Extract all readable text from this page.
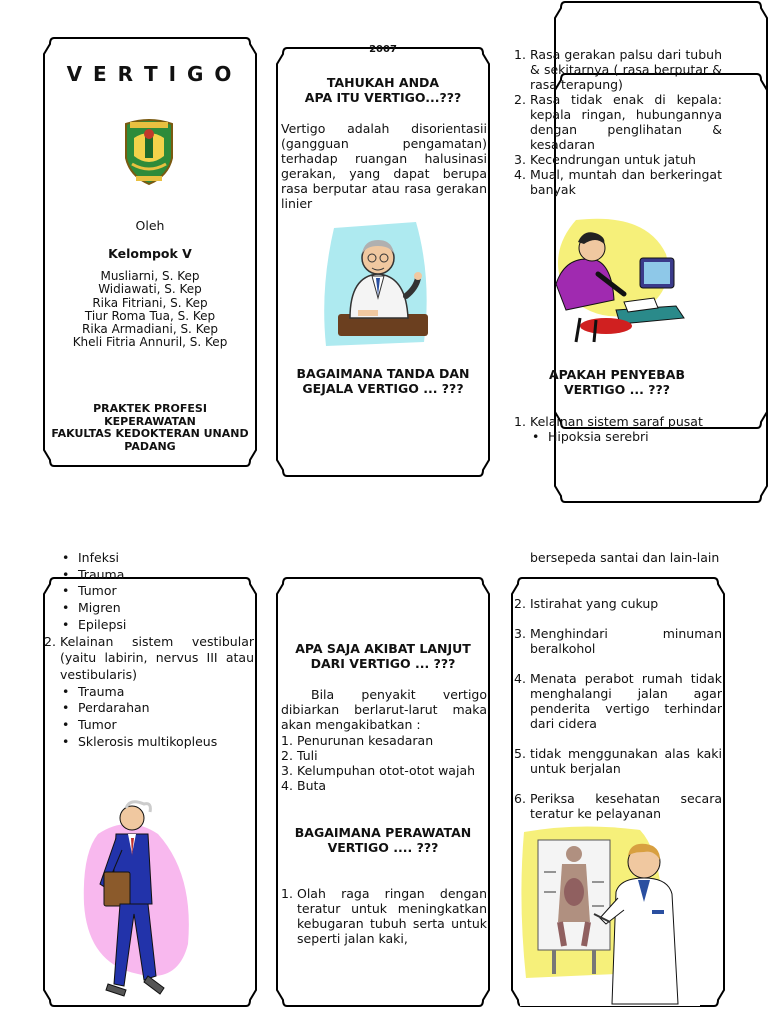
V E R T I G O
Oleh
Kelompok V
Musliarni, S. Kep
Widiawati, S. Kep
Rika Fitriani, S. Kep
Tiur Roma Tua, S. Kep
Rika Armadiani, S. Kep
Kheli Fitria Annuril, S. Kep
PRAKTEK PROFESI
KEPERAWATAN
FAKULTAS KEDOKTERAN UNAND
PADANG
2007
TAHUKAH ANDA
APA ITU VERTIGO...???
Vertigo adalah disorientasii (gangguan pengamatan) terhadap ruangan halusinasi gerakan, yang dapat berupa rasa berputar atau rasa gerakan linier
BAGAIMANA TANDA DAN
GEJALA VERTIGO ... ???
1. Rasa gerakan palsu dari tubuh & sekitarnya ( rasa berputar & rasa terapung)
2. Rasa tidak enak di kepala: kepala ringan, hubungannya dengan penglihatan & kesadaran
3. Kecendrungan untuk jatuh
4. Mual, muntah dan berkeringat banyak
APAKAH PENYEBAB
VERTIGO ... ???
1. Kelainan sistem saraf pusat
• Hipoksia serebri
• Infeksi
• Trauma
• Tumor
• Migren
• Epilepsi
2. Kelainan sistem vestibular (yaitu labirin, nervus III atau vestibularis)
• Trauma
• Perdarahan
• Tumor
• Sklerosis multikopleus
APA SAJA AKIBAT LANJUT
DARI VERTIGO ... ???
Bila penyakit vertigo dibiarkan berlarut-larut maka akan mengakibatkan :
1. Penurunan kesadaran
2. Tuli
3. Kelumpuhan otot-otot wajah
4. Buta
BAGAIMANA PERAWATAN
VERTIGO .... ???
1. Olah raga ringan dengan teratur untuk meningkatkan kebugaran tubuh serta untuk seperti jalan kaki,
bersepeda santai dan lain-lain
2. Istirahat yang cukup
3. Menghindari minuman beralkohol
4. Menata perabot rumah tidak menghalangi jalan agar penderita vertigo terhindar dari cidera
5. tidak menggunakan alas kaki untuk berjalan
6. Periksa kesehatan secara teratur ke pelayanan
